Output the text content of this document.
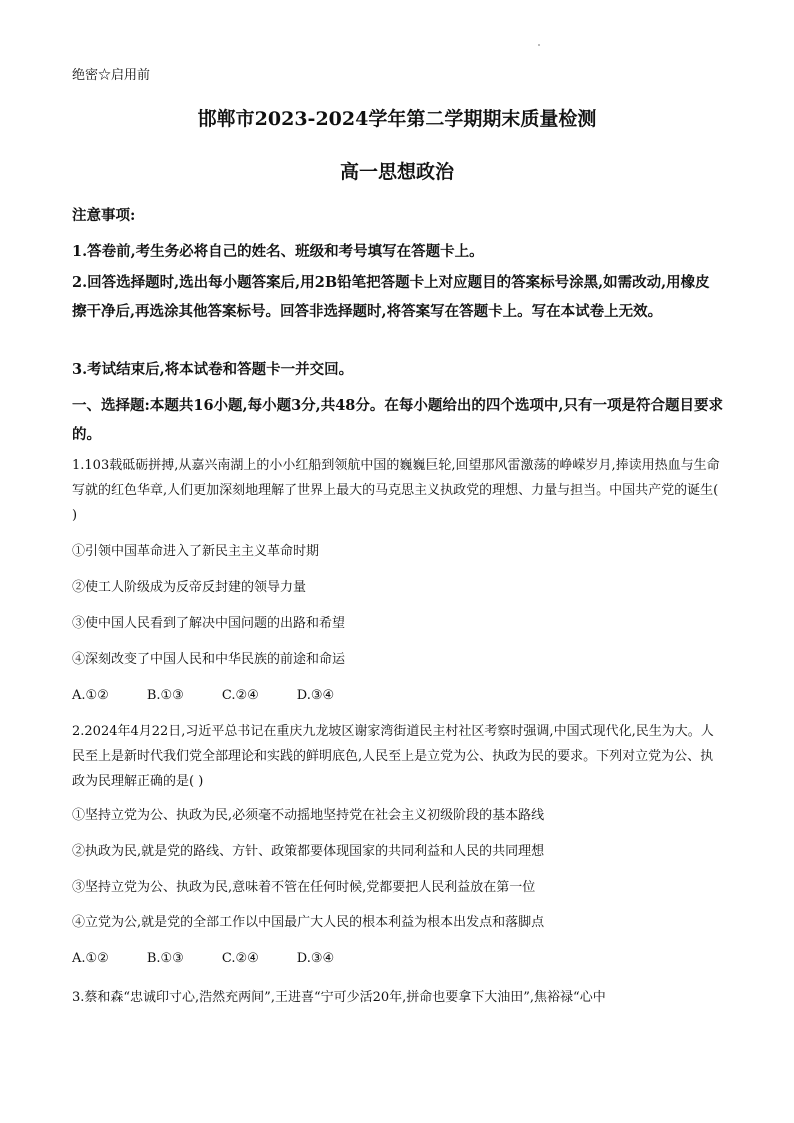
绝密☆启用前
邯郸市2023-2024学年第二学期期末质量检测
高一思想政治
注意事项:
1.答卷前,考生务必将自己的姓名、班级和考号填写在答题卡上。
2.回答选择题时,选出每小题答案后,用2B铅笔把答题卡上对应题目的答案标号涂黑,如需改动,用橡皮擦干净后,再选涂其他答案标号。回答非选择题时,将答案写在答题卡上。写在本试卷上无效。
3.考试结束后,将本试卷和答题卡一并交回。
一、选择题:本题共16小题,每小题3分,共48分。在每小题给出的四个选项中,只有一项是符合题目要求的。
1.103载砥砺拼搏,从嘉兴南湖上的小小红船到领航中国的巍巍巨轮,回望那风雷激荡的峥嵘岁月,捧读用热血与生命写就的红色华章,人们更加深刻地理解了世界上最大的马克思主义执政党的理想、力量与担当。中国共产党的诞生( )
①引领中国革命进入了新民主主义革命时期
②使工人阶级成为反帝反封建的领导力量
③使中国人民看到了解决中国问题的出路和希望
④深刻改变了中国人民和中华民族的前途和命运
A.①②	B.①③	C.②④	D.③④
2.2024年4月22日,习近平总书记在重庆九龙坡区谢家湾街道民主村社区考察时强调,中国式现代化,民生为大。人民至上是新时代我们党全部理论和实践的鲜明底色,人民至上是立党为公、执政为民的要求。下列对立党为公、执政为民理解正确的是( )
①坚持立党为公、执政为民,必须毫不动摇地坚持党在社会主义初级阶段的基本路线
②执政为民,就是党的路线、方针、政策都要体现国家的共同利益和人民的共同理想
③坚持立党为公、执政为民,意味着不管在任何时候,党都要把人民利益放在第一位
④立党为公,就是党的全部工作以中国最广大人民的根本利益为根本出发点和落脚点
A.①②	B.①③	C.②④	D.③④
3.蔡和森“忠诚印寸心,浩然充两间”,王进喜“宁可少活20年,拼命也要拿下大油田”,焦裕禄“心中
